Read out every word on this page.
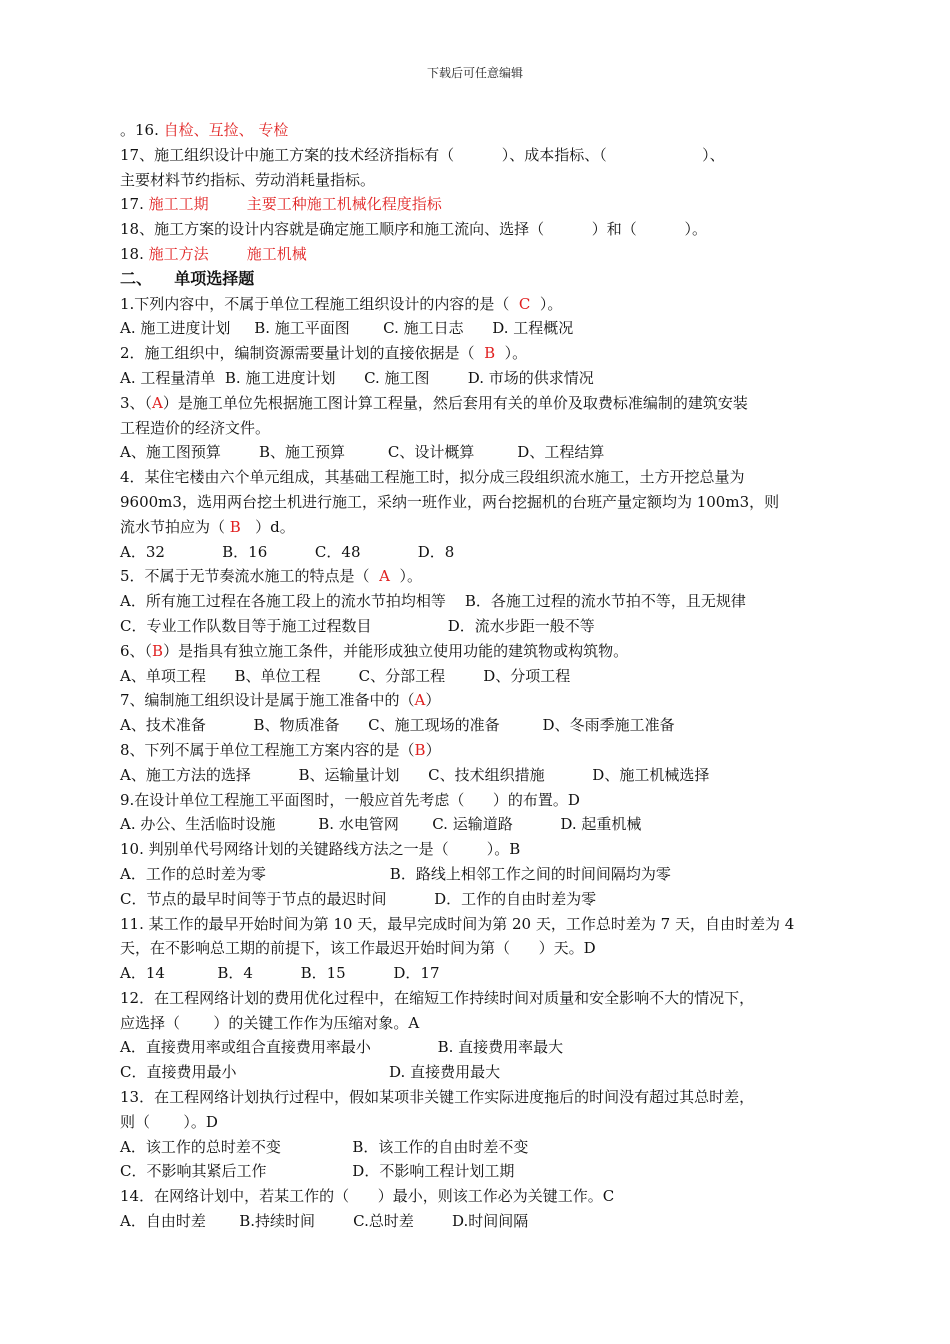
下载后可任意编辑
。16. 自检、互捡、 专检
17、施工组织设计中施工方案的技术经济指标有（          ）、成本指标、（                    ）、
主要材料节约指标、劳动消耗量指标。
17. 施工工期        主要工种施工机械化程度指标
18、施工方案的设计内容就是确定施工顺序和施工流向、选择（          ）和（          ）。
18. 施工方法        施工机械
二、    单项选择题
1.下列内容中，不属于单位工程施工组织设计的内容的是（  C  ）。
A. 施工进度计划     B. 施工平面图       C. 施工日志      D. 工程概况
2．施工组织中，编制资源需要量计划的直接依据是（  B  ）。
A. 工程量清单  B. 施工进度计划      C. 施工图        D. 市场的供求情况
3、（A）是施工单位先根据施工图计算工程量，然后套用有关的单价及取费标准编制的建筑安装
工程造价的经济文件。
A、施工图预算        B、施工预算         C、设计概算         D、工程结算
4．某住宅楼由六个单元组成，其基础工程施工时，拟分成三段组织流水施工，土方开挖总量为
9600m3，选用两台挖土机进行施工，采纳一班作业，两台挖掘机的台班产量定额均为 100m3，则
流水节拍应为（ B   ）d。
A．32            B．16          C．48            D．8
5．不属于无节奏流水施工的特点是（  A  ）。
A．所有施工过程在各施工段上的流水节拍均相等    B．各施工过程的流水节拍不等，且无规律
C．专业工作队数目等于施工过程数目                D．流水步距一般不等
6、（B）是指具有独立施工条件，并能形成独立使用功能的建筑物或构筑物。
A、单项工程      B、单位工程        C、分部工程        D、分项工程
7、编制施工组织设计是属于施工准备中的（A）
A、技术准备          B、物质准备      C、施工现场的准备         D、冬雨季施工准备
8、下列不属于单位工程施工方案内容的是（B）
A、施工方法的选择          B、运输量计划      C、技术组织措施          D、施工机械选择
9.在设计单位工程施工平面图时，一般应首先考虑（      ）的布置。D
A. 办公、生活临时设施         B. 水电管网       C. 运输道路          D. 起重机械
10. 判别单代号网络计划的关键路线方法之一是（        ）。B
A．工作的总时差为零                          B．路线上相邻工作之间的时间间隔均为零
C．节点的最早时间等于节点的最迟时间          D．工作的自由时差为零
11. 某工作的最早开始时间为第 10 天，最早完成时间为第 20 天，工作总时差为 7 天，自由时差为 4
天，在不影响总工期的前提下，该工作最迟开始时间为第（      ）天。D
A．14           B．4          B．15          D．17
12．在工程网络计划的费用优化过程中，在缩短工作持续时间对质量和安全影响不大的情况下，
应选择（       ）的关键工作作为压缩对象。A
A．直接费用率或组合直接费用率最小              B. 直接费用率最大
C．直接费用最小                                D. 直接费用最大
13．在工程网络计划执行过程中，假如某项非关键工作实际进度拖后的时间没有超过其总时差，
则（       ）。D
A．该工作的总时差不变               B．该工作的自由时差不变
C．不影响其紧后工作                  D．不影响工程计划工期
14．在网络计划中，若某工作的（      ）最小，则该工作必为关键工作。C
A．自由时差       B.持续时间        C.总时差        D.时间间隔
